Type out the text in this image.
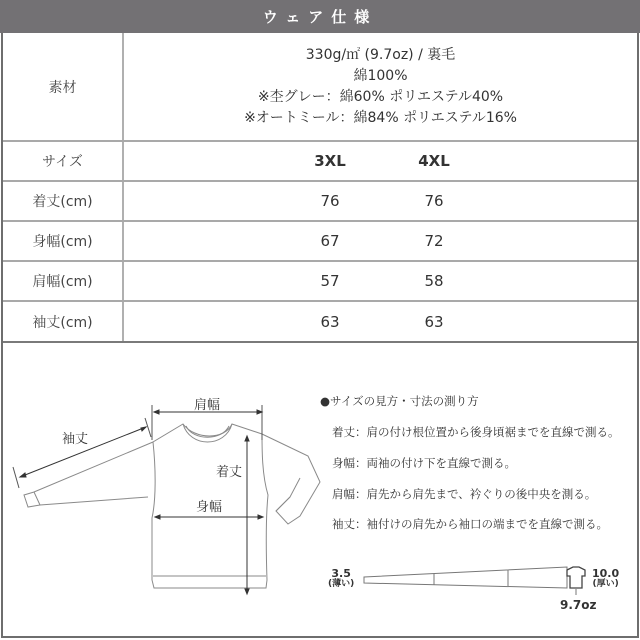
ウェア仕様
素材
330g/㎡ (9.7oz) / 裏毛
綿100%
※杢グレー：綿60% ポリエステル40%
※オートミール：綿84% ポリエステル16%
サイズ	3XL	4XL
着丈(cm)	76	76
身幅(cm)	67	72
肩幅(cm)	57	58
袖丈(cm)	63	63
肩幅
袖丈
着丈
身幅
●サイズの見方・寸法の測り方
着丈：肩の付け根位置から後身頃裾までを直線で測る。
身幅：両袖の付け下を直線で測る。
肩幅：肩先から肩先まで、衿ぐりの後中央を測る。
袖丈：袖付けの肩先から袖口の端までを直線で測る。
3.5
(薄い)
10.0
(厚い)
9.7oz
